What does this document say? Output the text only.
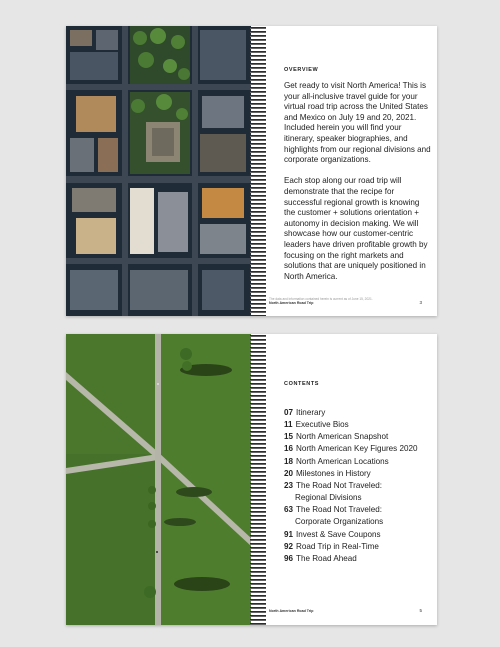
OVERVIEW

Get ready to visit North America! This is your all-inclusive travel guide for your virtual road trip across the United States and Mexico on July 19 and 20, 2021. Included herein you will find your itinerary, speaker biographies, and highlights from our regional divisions and corporate organizations.

Each stop along our road trip will demonstrate that the recipe for successful regional growth is knowing the customer + solutions orientation + autonomy in decision making. We will showcase how our customer-centric leaders have driven profitable growth by focusing on the right markets and solutions that are uniquely positioned in North America.

The data and information contained herein is current as of June 15, 2021.
North American Road Trip	3
CONTENTS
07 Itinerary
11 Executive Bios
15 North American Snapshot
16 North American Key Figures 2020
18 North American Locations
20 Milestones in History
23 The Road Not Traveled:
Regional Divisions
63 The Road Not Traveled:
Corporate Organizations
91 Invest & Save Coupons
92 Road Trip in Real-Time
96 The Road Ahead
North American Road Trip	5
